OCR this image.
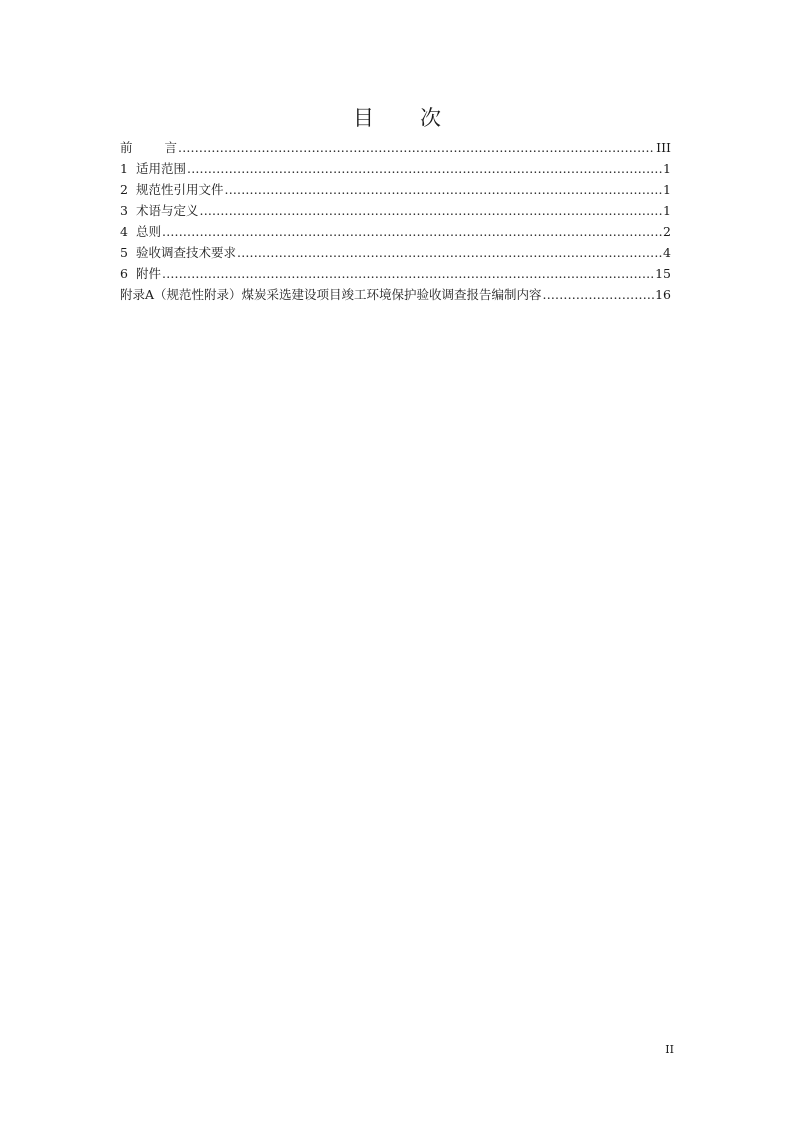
目 次
前	言 .....	III
1 适用范围 .....	1
2 规范性引用文件 .....	1
3 术语与定义 .....	1
4 总则 .....	2
5 验收调查技术要求 .....	4
6 附件 .....	15
附录A（规范性附录）煤炭采选建设项目竣工环境保护验收调查报告编制内容 .....	16
II
